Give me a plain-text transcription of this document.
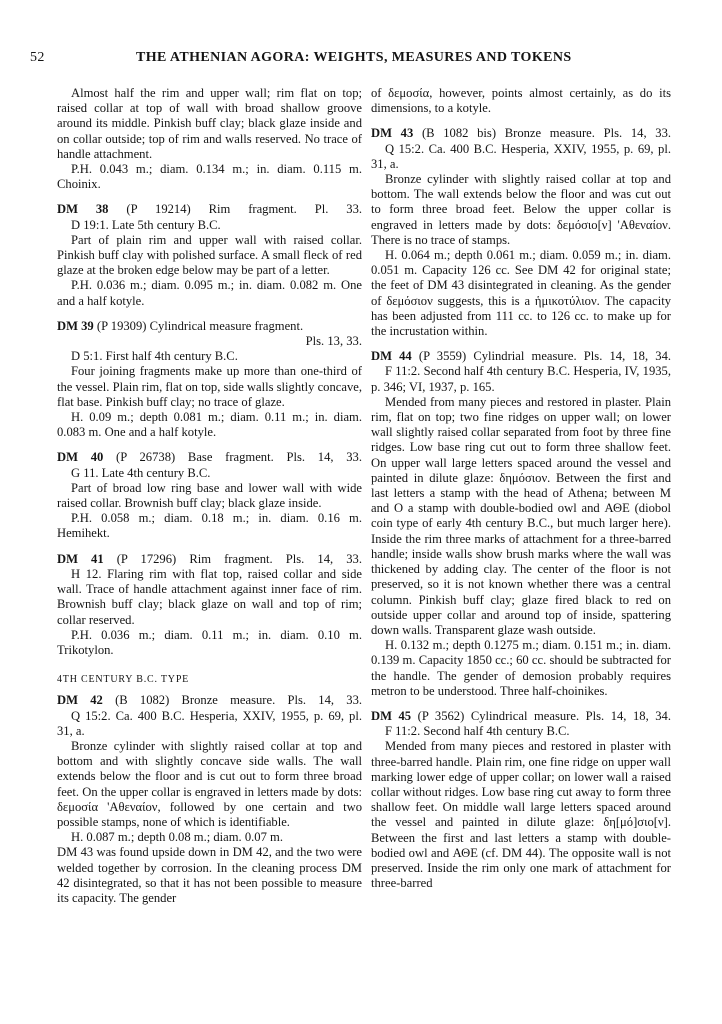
52	THE ATHENIAN AGORA: WEIGHTS, MEASURES AND TOKENS

Almost half the rim and upper wall; rim flat on top; raised collar at top of wall with broad shallow groove around its middle. Pinkish buff clay; black glaze inside and on collar outside; top of rim and walls reserved. No trace of handle attachment.

P.H. 0.043 m.; diam. 0.134 m.; in. diam. 0.115 m. Choinix.

DM 38 (P 19214) Rim fragment. Pl. 33.

D 19:1. Late 5th century B.C.

Part of plain rim and upper wall with raised collar. Pinkish buff clay with polished surface. A small fleck of red glaze at the broken edge below may be part of a letter.

P.H. 0.036 m.; diam. 0.095 m.; in. diam. 0.082 m. One and a half kotyle.

DM 39 (P 19309) Cylindrical measure fragment.

Pls. 13, 33.

D 5:1. First half 4th century B.C.

Four joining fragments make up more than one-third of the vessel. Plain rim, flat on top, side walls slightly concave, flat base. Pinkish buff clay; no trace of glaze.

H. 0.09 m.; depth 0.081 m.; diam. 0.11 m.; in. diam. 0.083 m. One and a half kotyle.

DM 40 (P 26738) Base fragment. Pls. 14, 33.

G 11. Late 4th century B.C.

Part of broad low ring base and lower wall with wide raised collar. Brownish buff clay; black glaze inside.

P.H. 0.058 m.; diam. 0.18 m.; in. diam. 0.16 m. Hemihekt.

DM 41 (P 17296) Rim fragment. Pls. 14, 33.

H 12. Flaring rim with flat top, raised collar and side wall. Trace of handle attachment against inner face of rim. Brownish buff clay; black glaze on wall and top of rim; collar reserved.

P.H. 0.036 m.; diam. 0.11 m.; in. diam. 0.10 m. Trikotylon.

4TH CENTURY B.C. TYPE

DM 42 (B 1082) Bronze measure. Pls. 14, 33.

Q 15:2. Ca. 400 B.C. Hesperia, XXIV, 1955, p. 69, pl. 31, a.

Bronze cylinder with slightly raised collar at top and bottom and with slightly concave side walls. The wall extends below the floor and is cut out to form three broad feet. On the upper collar is engraved in letters made by dots: δεμοσία 'Αθεναίον, followed by one certain and two possible stamps, none of which is identifiable.

H. 0.087 m.; depth 0.08 m.; diam. 0.07 m.

DM 43 was found upside down in DM 42, and the two were welded together by corrosion. In the cleaning process DM 42 disintegrated, so that it has not been possible to measure its capacity. The gender

of δεμοσία, however, points almost certainly, as do its dimensions, to a kotyle.

DM 43 (B 1082 bis) Bronze measure. Pls. 14, 33.

Q 15:2. Ca. 400 B.C. Hesperia, XXIV, 1955, p. 69, pl. 31, a.

Bronze cylinder with slightly raised collar at top and bottom. The wall extends below the floor and was cut out to form three broad feet. Below the upper collar is engraved in letters made by dots: δεμόσιο[ν] 'Αθεναίον. There is no trace of stamps.

H. 0.064 m.; depth 0.061 m.; diam. 0.059 m.; in. diam. 0.051 m. Capacity 126 cc. See DM 42 for original state; the feet of DM 43 disintegrated in cleaning. As the gender of δεμόσιον suggests, this is a ἡμικοτύλιον. The capacity has been adjusted from 111 cc. to 126 cc. to make up for the incrustation within.

DM 44 (P 3559) Cylindrial measure. Pls. 14, 18, 34.

F 11:2. Second half 4th century B.C. Hesperia, IV, 1935, p. 346; VI, 1937, p. 165.

Mended from many pieces and restored in plaster. Plain rim, flat on top; two fine ridges on upper wall; on lower wall slightly raised collar separated from foot by three fine ridges. Low base ring cut out to form three shallow feet. On upper wall large letters spaced around the vessel and painted in dilute glaze: δημόσιον. Between the first and last letters a stamp with the head of Athena; between M and O a stamp with double-bodied owl and ΑΘΕ (diobol coin type of early 4th century B.C., but much larger here). Inside the rim three marks of attachment for a three-barred handle; inside walls show brush marks where the wall was thickened by adding clay. The center of the floor is not preserved, so it is not known whether there was a central column. Pinkish buff clay; glaze fired black to red on outside upper collar and around top of inside, spattering down walls. Transparent glaze wash outside.

H. 0.132 m.; depth 0.1275 m.; diam. 0.151 m.; in. diam. 0.139 m. Capacity 1850 cc.; 60 cc. should be subtracted for the handle. The gender of demosion probably requires metron to be understood. Three half-choinikes.

DM 45 (P 3562) Cylindrical measure. Pls. 14, 18, 34.

F 11:2. Second half 4th century B.C.

Mended from many pieces and restored in plaster with three-barred handle. Plain rim, one fine ridge on upper wall marking lower edge of upper collar; on lower wall a raised collar without ridges. Low base ring cut away to form three shallow feet. On middle wall large letters spaced around the vessel and painted in dilute glaze: δη[μό]σιο[ν]. Between the first and last letters a stamp with double-bodied owl and ΑΘΕ (cf. DM 44). The opposite wall is not preserved. Inside the rim only one mark of attachment for three-barred
